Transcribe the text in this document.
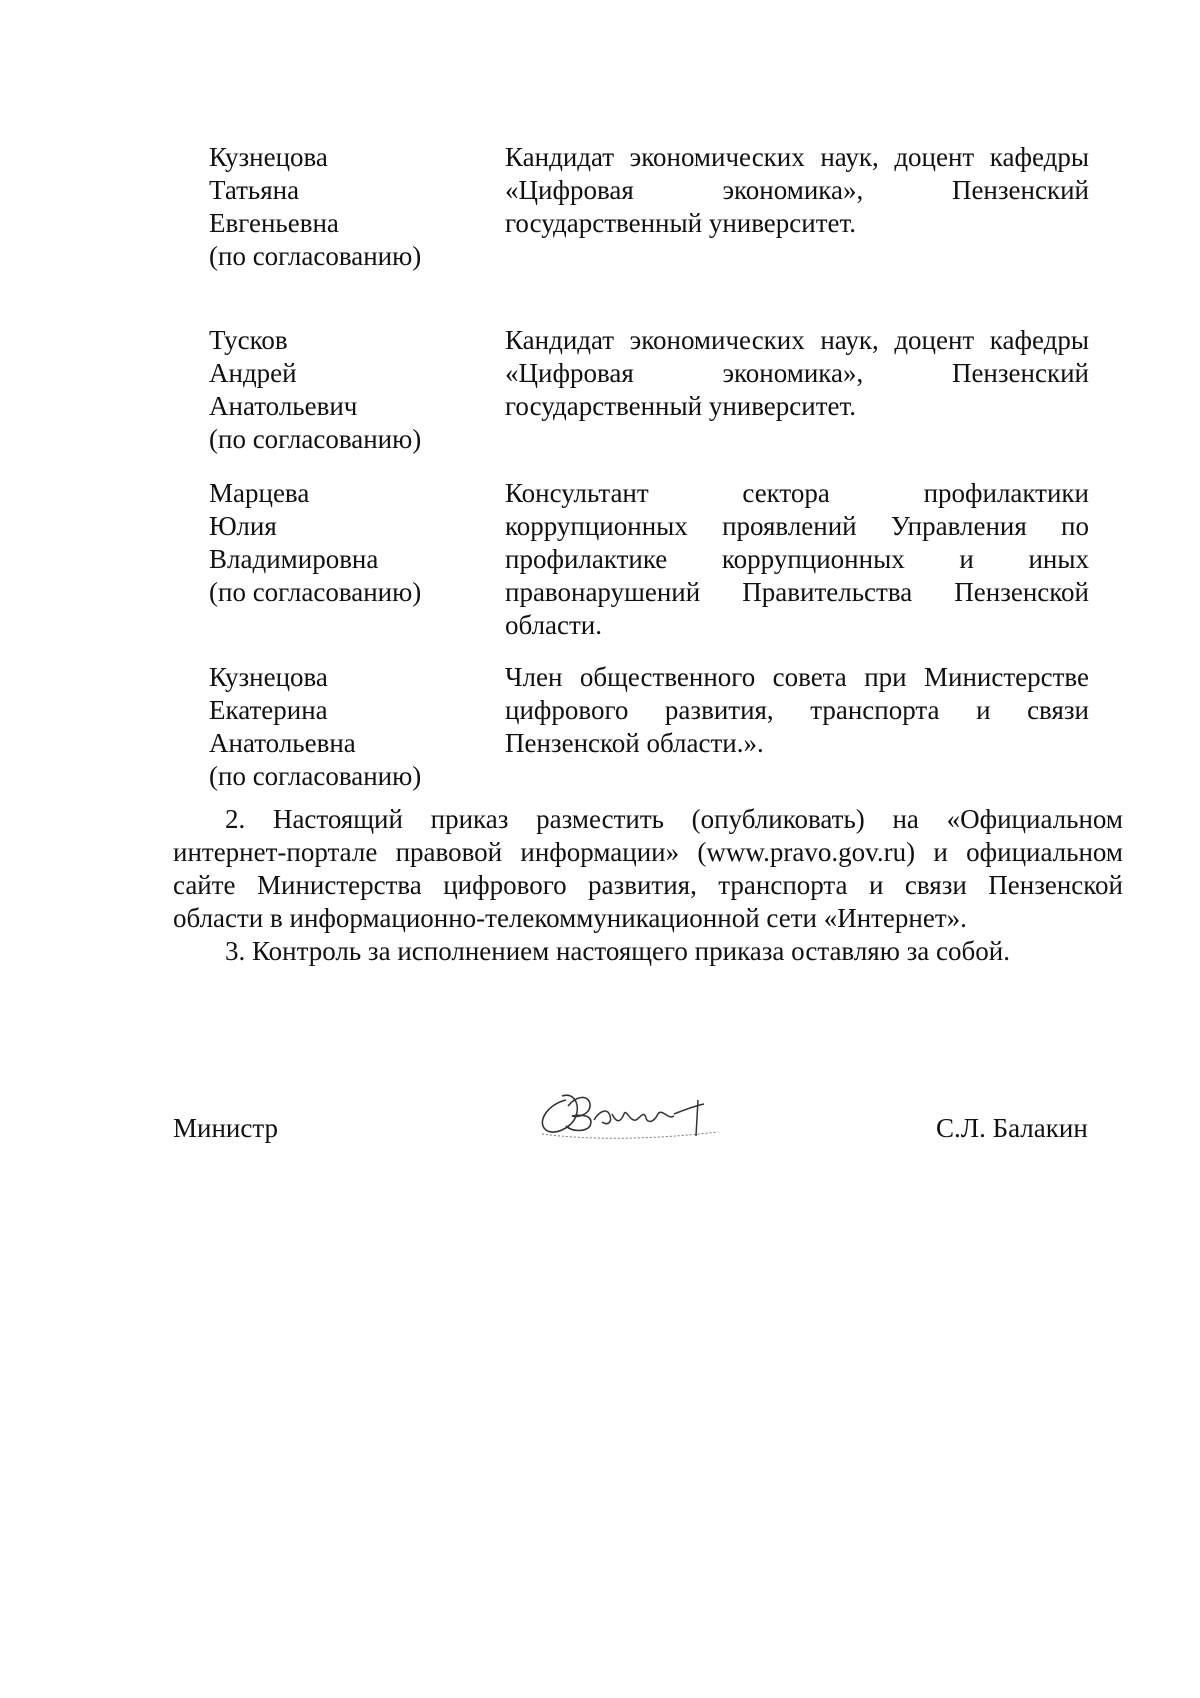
Кузнецова
Татьяна
Евгеньевна
(по согласованию)
Кандидат экономических наук, доцент кафедры
«Цифровая экономика», Пензенский
государственный университет.
Тусков
Андрей
Анатольевич
(по согласованию)
Кандидат экономических наук, доцент кафедры
«Цифровая экономика», Пензенский
государственный университет.
Марцева
Юлия
Владимировна
(по согласованию)
Консультант сектора профилактики
коррупционных проявлений Управления по
профилактике коррупционных и иных
правонарушений Правительства Пензенской
области.
Кузнецова
Екатерина
Анатольевна
(по согласованию)
Член общественного совета при Министерстве
цифрового развития, транспорта и связи
Пензенской области.».
2. Настоящий приказ разместить (опубликовать) на «Официальном
интернет-портале правовой информации» (www.pravo.gov.ru) и официальном
сайте Министерства цифрового развития, транспорта и связи Пензенской
области в информационно-телекоммуникационной сети «Интернет».
3. Контроль за исполнением настоящего приказа оставляю за собой.
Министр	С.Л. Балакин
